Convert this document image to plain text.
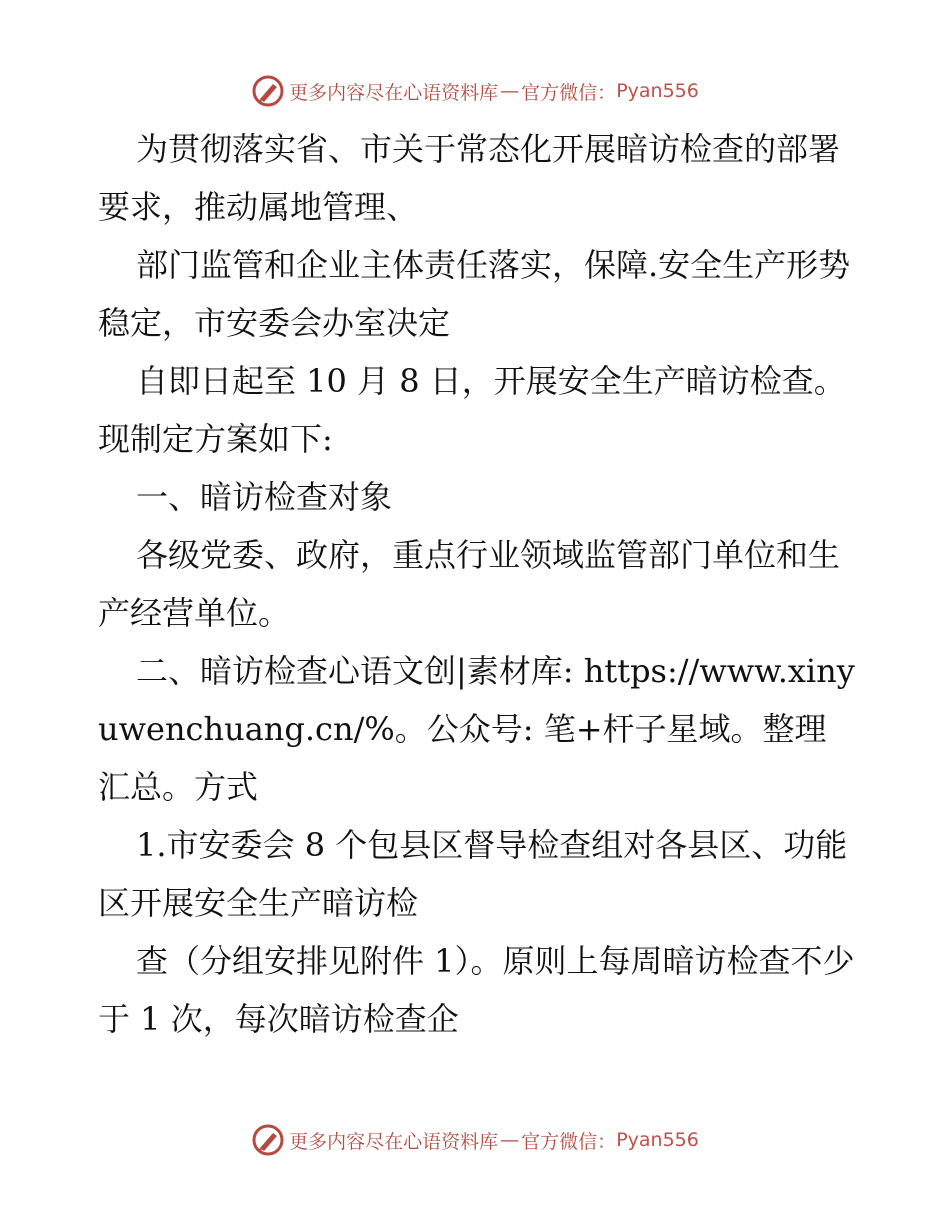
更多内容尽在心语资料库 — 官方微信： Pyan556

为贯彻落实省、市关于常态化开展暗访检查的部署要求，推动属地管理、

部门监管和企业主体责任落实，保障.安全生产形势稳定，市安委会办室决定

自即日起至 10 月 8 日，开展安全生产暗访检查。现制定方案如下:

一、暗访检查对象

各级党委、政府，重点行业领域监管部门单位和生产经营单位。

二、暗访检查心语文创|素材库: https://www.xinyuwenchuang.cn/%。公众号: 笔+杆子星域。整理汇总。方式

1.市安委会 8 个包县区督导检查组对各县区、功能区开展安全生产暗访检

查（分组安排见附件 1）。原则上每周暗访检查不少于 1 次，每次暗访检查企

更多内容尽在心语资料库 — 官方微信： Pyan556
